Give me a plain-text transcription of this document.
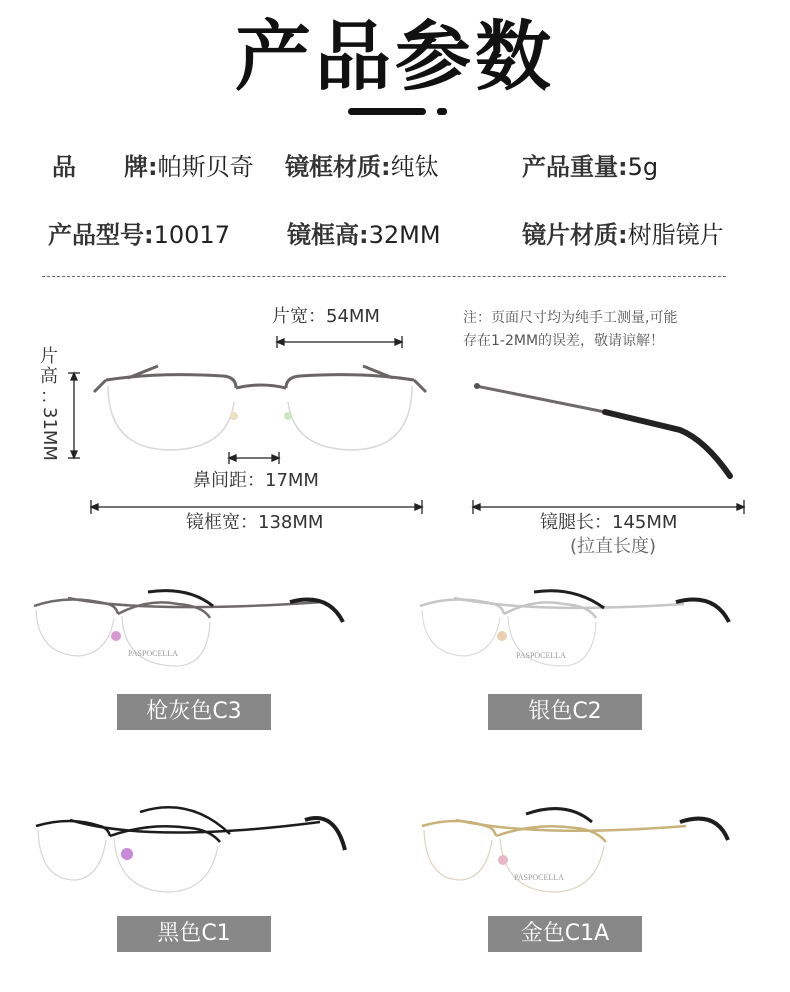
产品参数
品　　牌:帕斯贝奇 镜框材质:纯钛	产品重量:5g
产品型号:10017 镜框高:32MM	镜片材质:树脂镜片
片宽：54MM
片
高
：
31MM
鼻间距：17MM
镜框宽：138MM
注：页面尺寸均为纯手工测量,可能
存在1-2MM的误差，敬请谅解！
镜腿长：145MM
(拉直长度)
PASPOCELLA	PASPOCELLA
PASPOCELLA
枪灰色C3	银色C2
黑色C1	金色C1A
